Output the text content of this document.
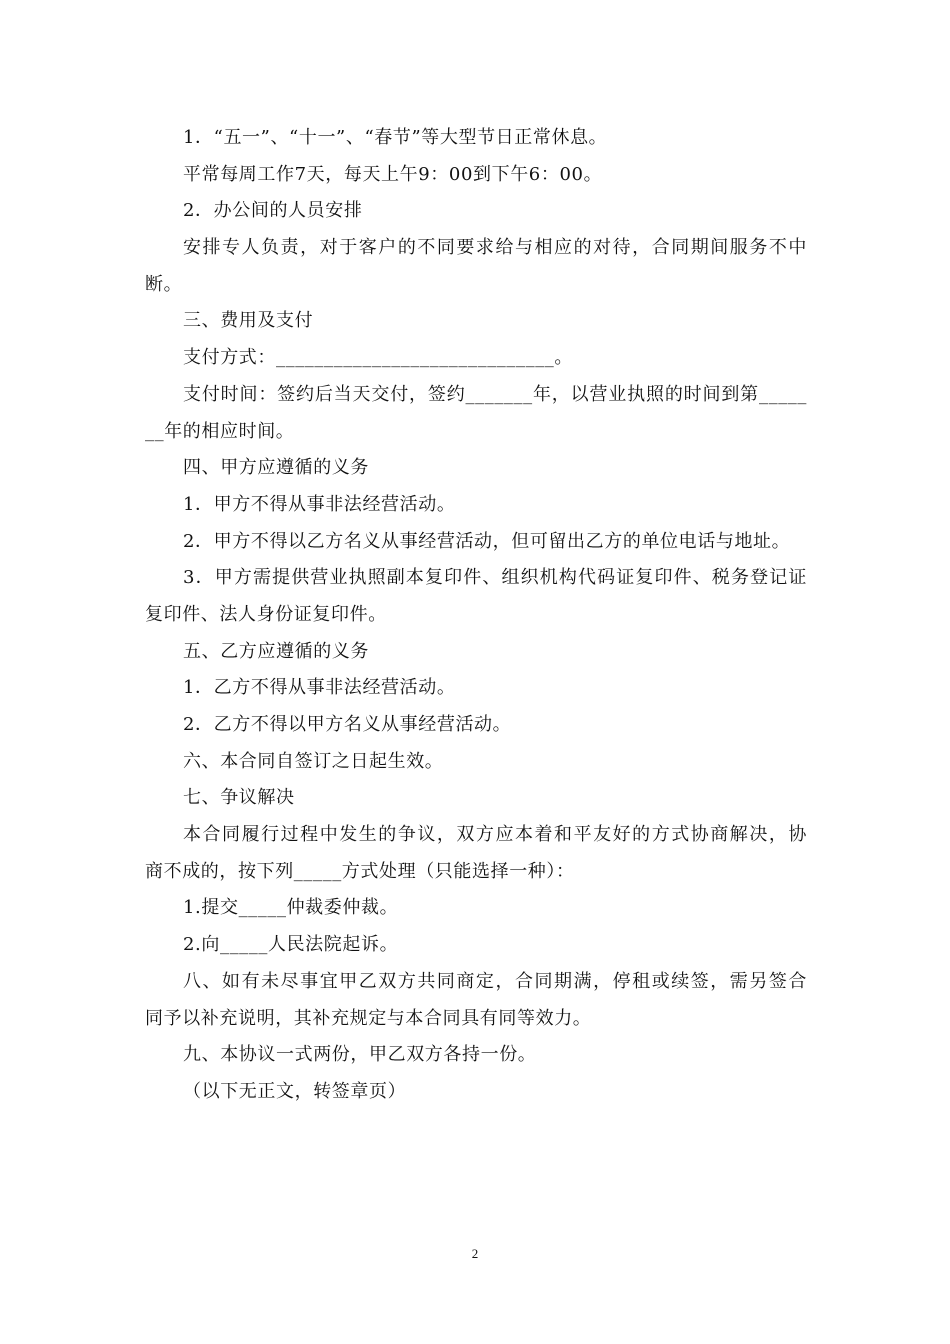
1．“五一”、“十一”、“春节”等大型节日正常休息。
平常每周工作7天，每天上午9：00到下午6：00。
2．办公间的人员安排
安排专人负责，对于客户的不同要求给与相应的对待，合同期间服务不中
断。
三、费用及支付
支付方式：_____________________________。
支付时间：签约后当天交付，签约_______年，以营业执照的时间到第_____
__年的相应时间。
四、甲方应遵循的义务
1．甲方不得从事非法经营活动。
2．甲方不得以乙方名义从事经营活动，但可留出乙方的单位电话与地址。
3．甲方需提供营业执照副本复印件、组织机构代码证复印件、税务登记证
复印件、法人身份证复印件。
五、乙方应遵循的义务
1．乙方不得从事非法经营活动。
2．乙方不得以甲方名义从事经营活动。
六、本合同自签订之日起生效。
七、争议解决
本合同履行过程中发生的争议，双方应本着和平友好的方式协商解决，协
商不成的，按下列_____方式处理（只能选择一种）：
1.提交_____仲裁委仲裁。
2.向_____人民法院起诉。
八、如有未尽事宜甲乙双方共同商定，合同期满，停租或续签，需另签合
同予以补充说明，其补充规定与本合同具有同等效力。
九、本协议一式两份，甲乙双方各持一份。
（以下无正文，转签章页）
2
